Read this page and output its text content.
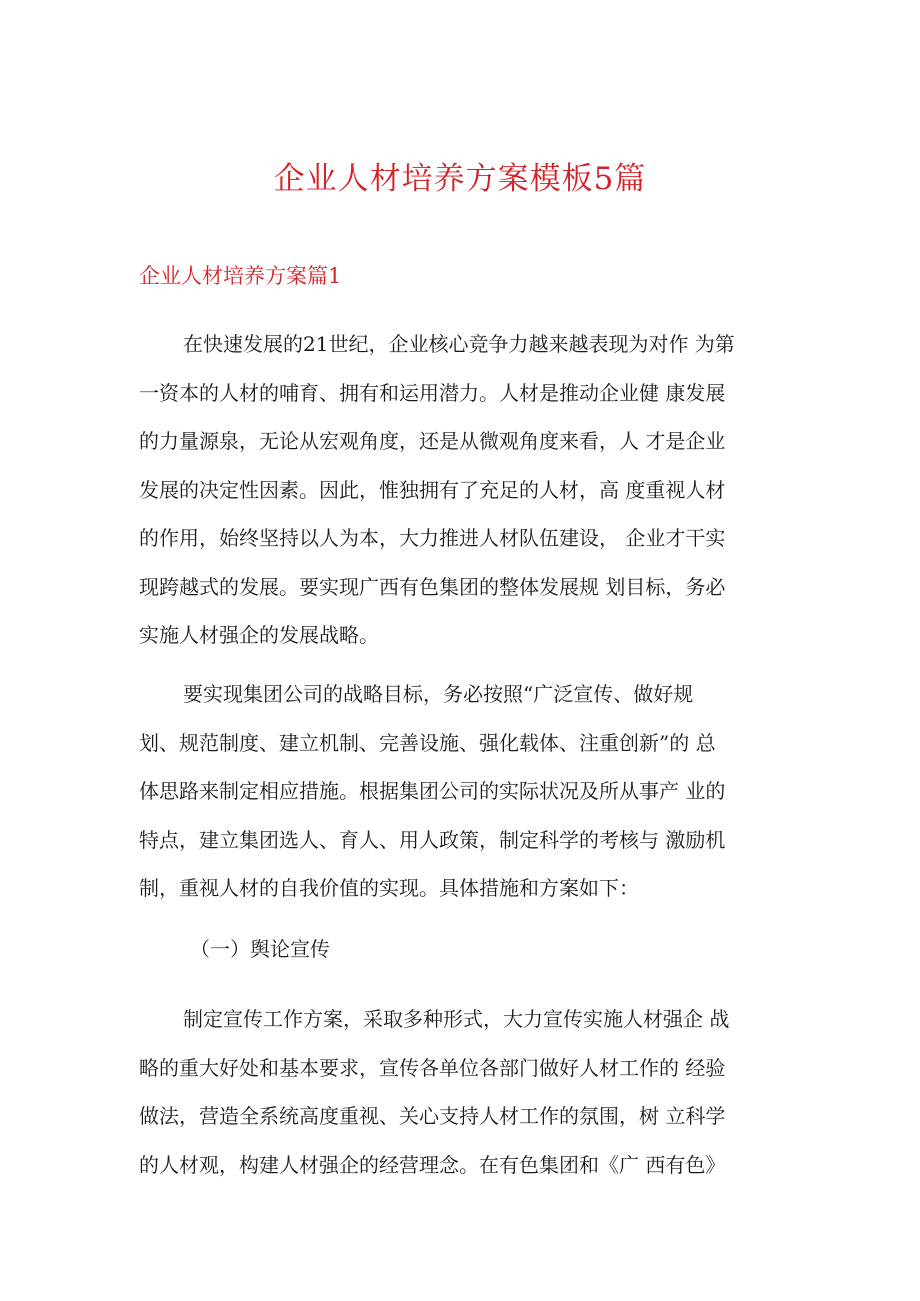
企业人材培养方案模板5篇
企业人材培养方案篇1
在快速发展的21世纪，企业核心竞争力越来越表现为对作 为第
一资本的人材的哺育、拥有和运用潜力。人材是推动企业健 康发展
的力量源泉，无论从宏观角度，还是从微观角度来看，人 才是企业
发展的决定性因素。因此，惟独拥有了充足的人材，高 度重视人材
的作用，始终坚持以人为本，大力推进人材队伍建设， 企业才干实
现跨越式的发展。要实现广西有色集团的整体发展规 划目标，务必
实施人材强企的发展战略。
要实现集团公司的战略目标，务必按照“广泛宣传、做好规
划、规范制度、建立机制、完善设施、强化载体、注重创新”的 总
体思路来制定相应措施。根据集团公司的实际状况及所从事产 业的
特点，建立集团选人、育人、用人政策，制定科学的考核与 激励机
制，重视人材的自我价值的实现。具体措施和方案如下：
（一）舆论宣传
制定宣传工作方案，采取多种形式，大力宣传实施人材强企 战
略的重大好处和基本要求，宣传各单位各部门做好人材工作的 经验
做法，营造全系统高度重视、关心支持人材工作的氛围，树 立科学
的人材观，构建人材强企的经营理念。在有色集团和《广 西有色》
